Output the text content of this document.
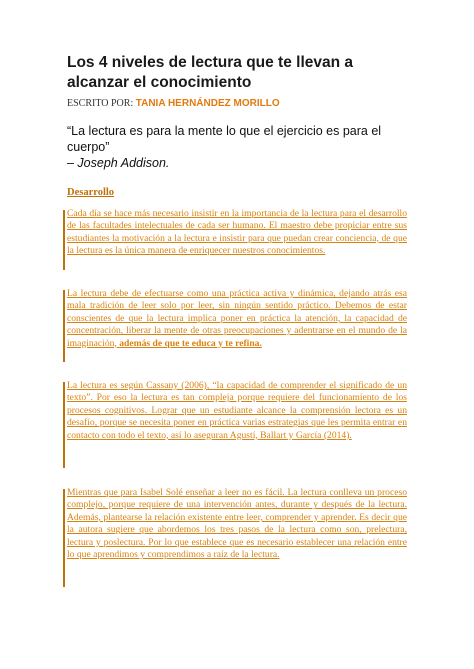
Los 4 niveles de lectura que te llevan a alcanzar el conocimiento
ESCRITO POR: TANIA HERNÁNDEZ MORILLO
“La lectura es para la mente lo que el ejercicio es para el cuerpo”
– Joseph Addison.
Desarrollo

Cada día se hace más necesario insistir en la importancia de la lectura para el desarrollo de las facultades intelectuales de cada ser humano. El maestro debe propiciar entre sus estudiantes la motivación a la lectura e insistir para que puedan crear conciencia, de que la lectura es la única manera de enriquecer nuestros conocimientos.

La lectura debe de efectuarse como una práctica activa y dinámica, dejando atrás esa mala tradición de leer solo por leer, sin ningún sentido práctico. Debemos de estar conscientes de que la lectura implica poner en práctica la atención, la capacidad de concentración, liberar la mente de otras preocupaciones y adentrarse en el mundo de la imaginación, además de que te educa y te refina.

La lectura es según Cassany (2006), “la capacidad de comprender el significado de un texto”. Por eso la lectura es tan compleja porque requiere del funcionamiento de los procesos cognitivos. Lograr que un estudiante alcance la comprensión lectora es un desafío, porque se necesita poner en práctica varias estrategias que les permita entrar en contacto con todo el texto, así lo aseguran Agustí, Ballart y García (2014).

Mientras que para Isabel Solé enseñar a leer no es fácil. La lectura conlleva un proceso complejo, porque requiere de una intervención antes, durante y después de la lectura. Además, plantearse la relación existente entre leer, comprender y aprender. Es decir que la autora sugiere que abordemos los tres pasos de la lectura como son, prelectura, lectura y poslectura. Por lo que establece que es necesario establecer una relación entre lo que aprendimos y comprendimos a raíz de la lectura.
